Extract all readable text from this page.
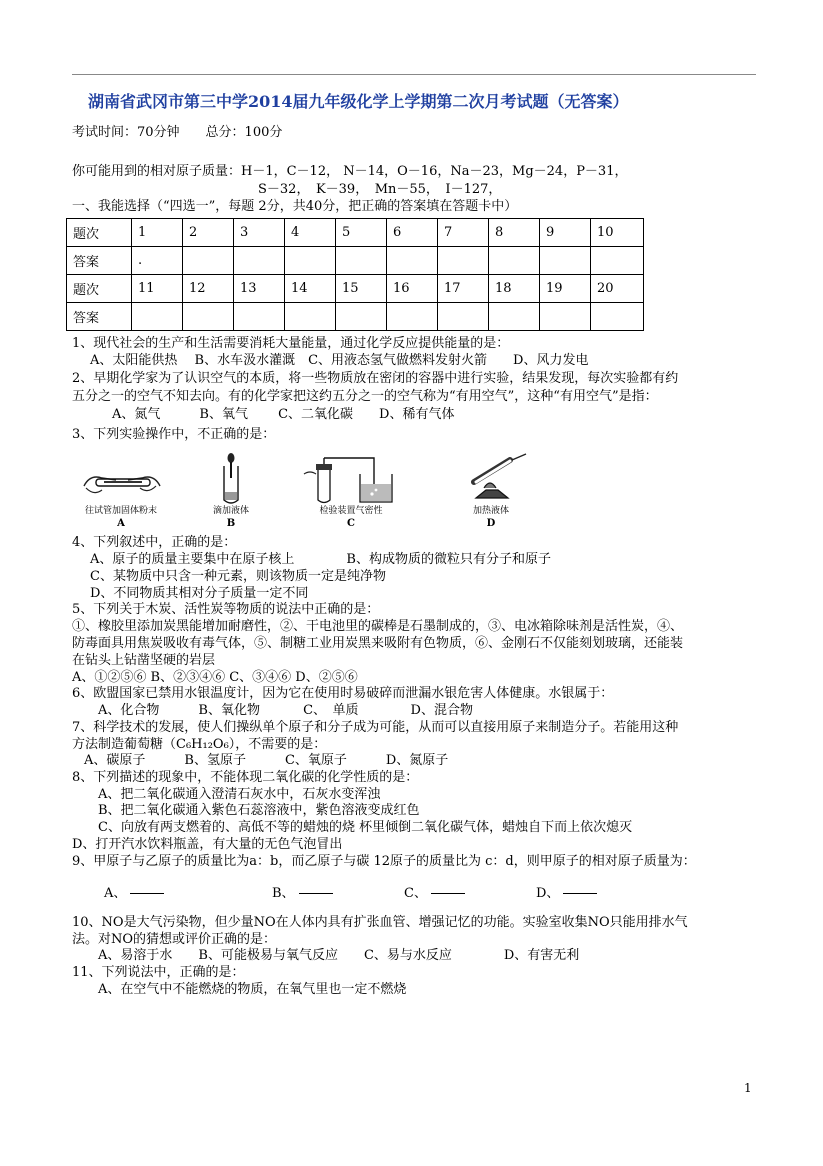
湖南省武冈市第三中学2014届九年级化学上学期第二次月考试题（无答案）
考试时间：70分钟　　总分：100分
你可能用到的相对原子质量：H－1，C－12， N－14，O－16，Na－23，Mg－24，P－31，
S－32，　K－39，　Mn－55，　I－127，
一、我能选择（“四选一”，每题 2分，共40分，把正确的答案填在答题卡中）
题次	1	2	3	4	5	6	7	8	9	10
答案	.									
题次	11	12	13	14	15	16	17	18	19	20
答案										
1、现代社会的生产和生活需要消耗大量能量，通过化学反应提供能量的是：
A、太阳能供热　 B、水车汲水灌溉　C、用液态氢气做燃料发射火箭　　D、风力发电
2、早期化学家为了认识空气的本质，将一些物质放在密闭的容器中进行实验，结果发现，每次实验都有约
五分之一的空气不知去向。有的化学家把这约五分之一的空气称为“有用空气”，这种“有用空气”是指：
A、氮气　　　B、氧气　　 C、二氧化碳　　D、稀有气体
3、下列实验操作中，不正确的是：
往试管加固体粉末
A
滴加液体
B
检验装置气密性
C
加热液体
D
4、下列叙述中，正确的是：
A、原子的质量主要集中在原子核上　　　　B、构成物质的微粒只有分子和原子
C、某物质中只含一种元素，则该物质一定是纯净物
D、不同物质其相对分子质量一定不同
5、下列关于木炭、活性炭等物质的说法中正确的是：
①、橡胶里添加炭黑能增加耐磨性，②、干电池里的碳棒是石墨制成的，③、电冰箱除味剂是活性炭，④、
防毒面具用焦炭吸收有毒气体，⑤、制糖工业用炭黑来吸附有色物质，⑥、金刚石不仅能刻划玻璃，还能装
在钻头上钻凿坚硬的岩层
A、①②⑤⑥ B、②③④⑥ C、③④⑥ D、②⑤⑥
6、欧盟国家已禁用水银温度计，因为它在使用时易破碎而泄漏水银危害人体健康。水银属于：
A、化合物　　　B、氧化物　　　 C、　单质　　　　D、混合物
7、科学技术的发展，使人们操纵单个原子和分子成为可能，从而可以直接用原子来制造分子。若能用这种
方法制造葡萄糖（C₆H₁₂O₆），不需要的是：
A、碳原子　　　B、氢原子　　　C、氧原子　　　D、氮原子
8、下列描述的现象中，不能体现二氧化碳的化学性质的是：
A、把二氧化碳通入澄清石灰水中，石灰水变浑浊
B、把二氧化碳通入紫色石蕊溶液中，紫色溶液变成红色
C、向放有两支燃着的、高低不等的蜡烛的烧 杯里倾倒二氧化碳气体，蜡烛自下而上依次熄灭
D、打开汽水饮料瓶盖，有大量的无色气泡冒出
9、甲原子与乙原子的质量比为a：b，而乙原子与碳 12原子的质量比为 c：d，则甲原子的相对原子质量为：
A、	B、	C、	D、
10、NO是大气污染物，但少量NO在人体内具有扩张血管、增强记忆的功能。实验室收集NO只能用排水气
法。对NO的猜想或评价正确的是：
A、易溶于水　　B、可能极易与氧气反应　　C、易与水反应　　　　D、有害无利
11、下列说法中，正确的是：
A、在空气中不能燃烧的物质，在氧气里也一定不燃烧
1
